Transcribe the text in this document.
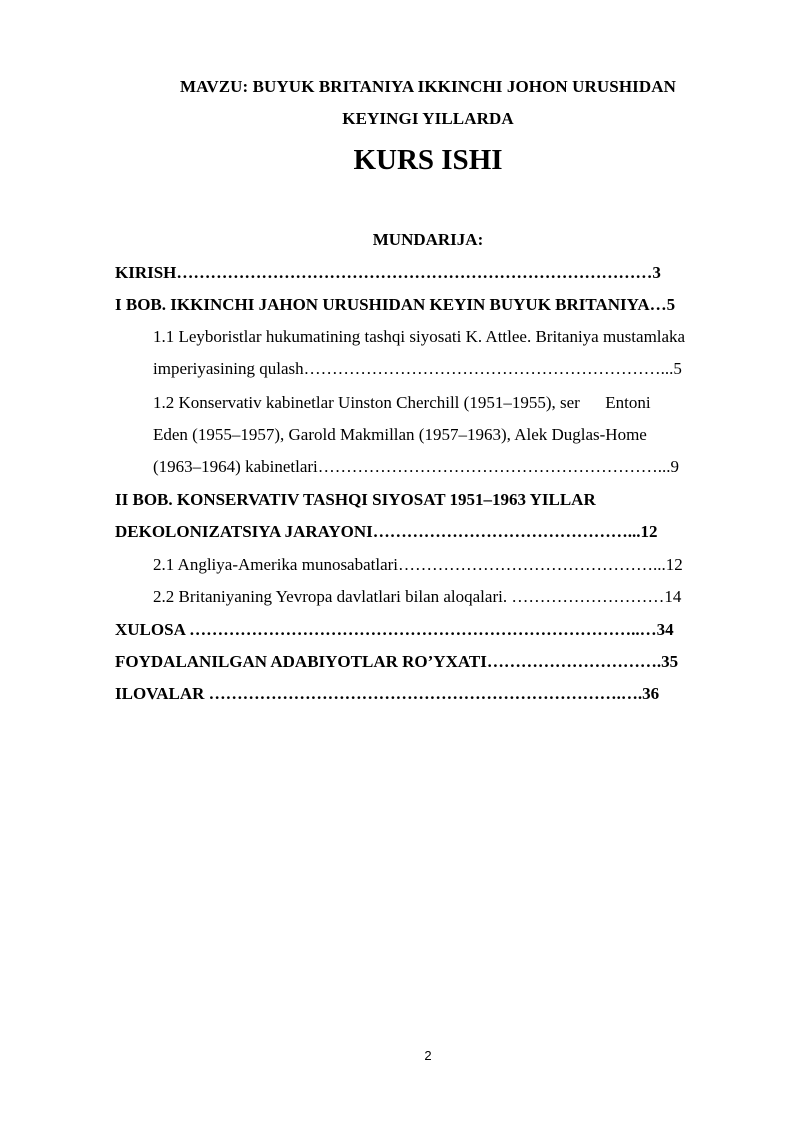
MAVZU: BUYUK BRITANIYA IKKINCHI JOHON URUSHIDAN
KEYINGI YILLARDA
KURS ISHI
MUNDARIJA:
KIRISH…………………………………………………………………………3
I BOB. IKKINCHI JAHON URUSHIDAN KEYIN BUYUK BRITANIYA…5
1.1 Leyboristlar hukumatining tashqi siyosati K. Attlee. Britaniya mustamlaka
imperiyasining qulash………………………………………………………...5
1.2 Konservativ kabinetlar Uinston Cherchill (1951–1955), ser      Entoni
Eden (1955–1957), Garold Makmillan (1957–1963), Alek Duglas-Home
(1963–1964) kabinetlari……………………………………………………...9
II BOB. KONSERVATIV TASHQI SIYOSAT 1951–1963 YILLAR
DEKOLONIZATSIYA JARAYONI………………………………………...12
2.1 Angliya-Amerika munosabatlari………………………………………...12
2.2 Britaniyaning Yevropa davlatlari bilan aloqalari. ………………………14
XULOSA ……………………………………………………………………..…34
FOYDALANILGAN ADABIYOTLAR RO’YXATI………………………….35
ILOVALAR ……………………………………………………………….….36
2
